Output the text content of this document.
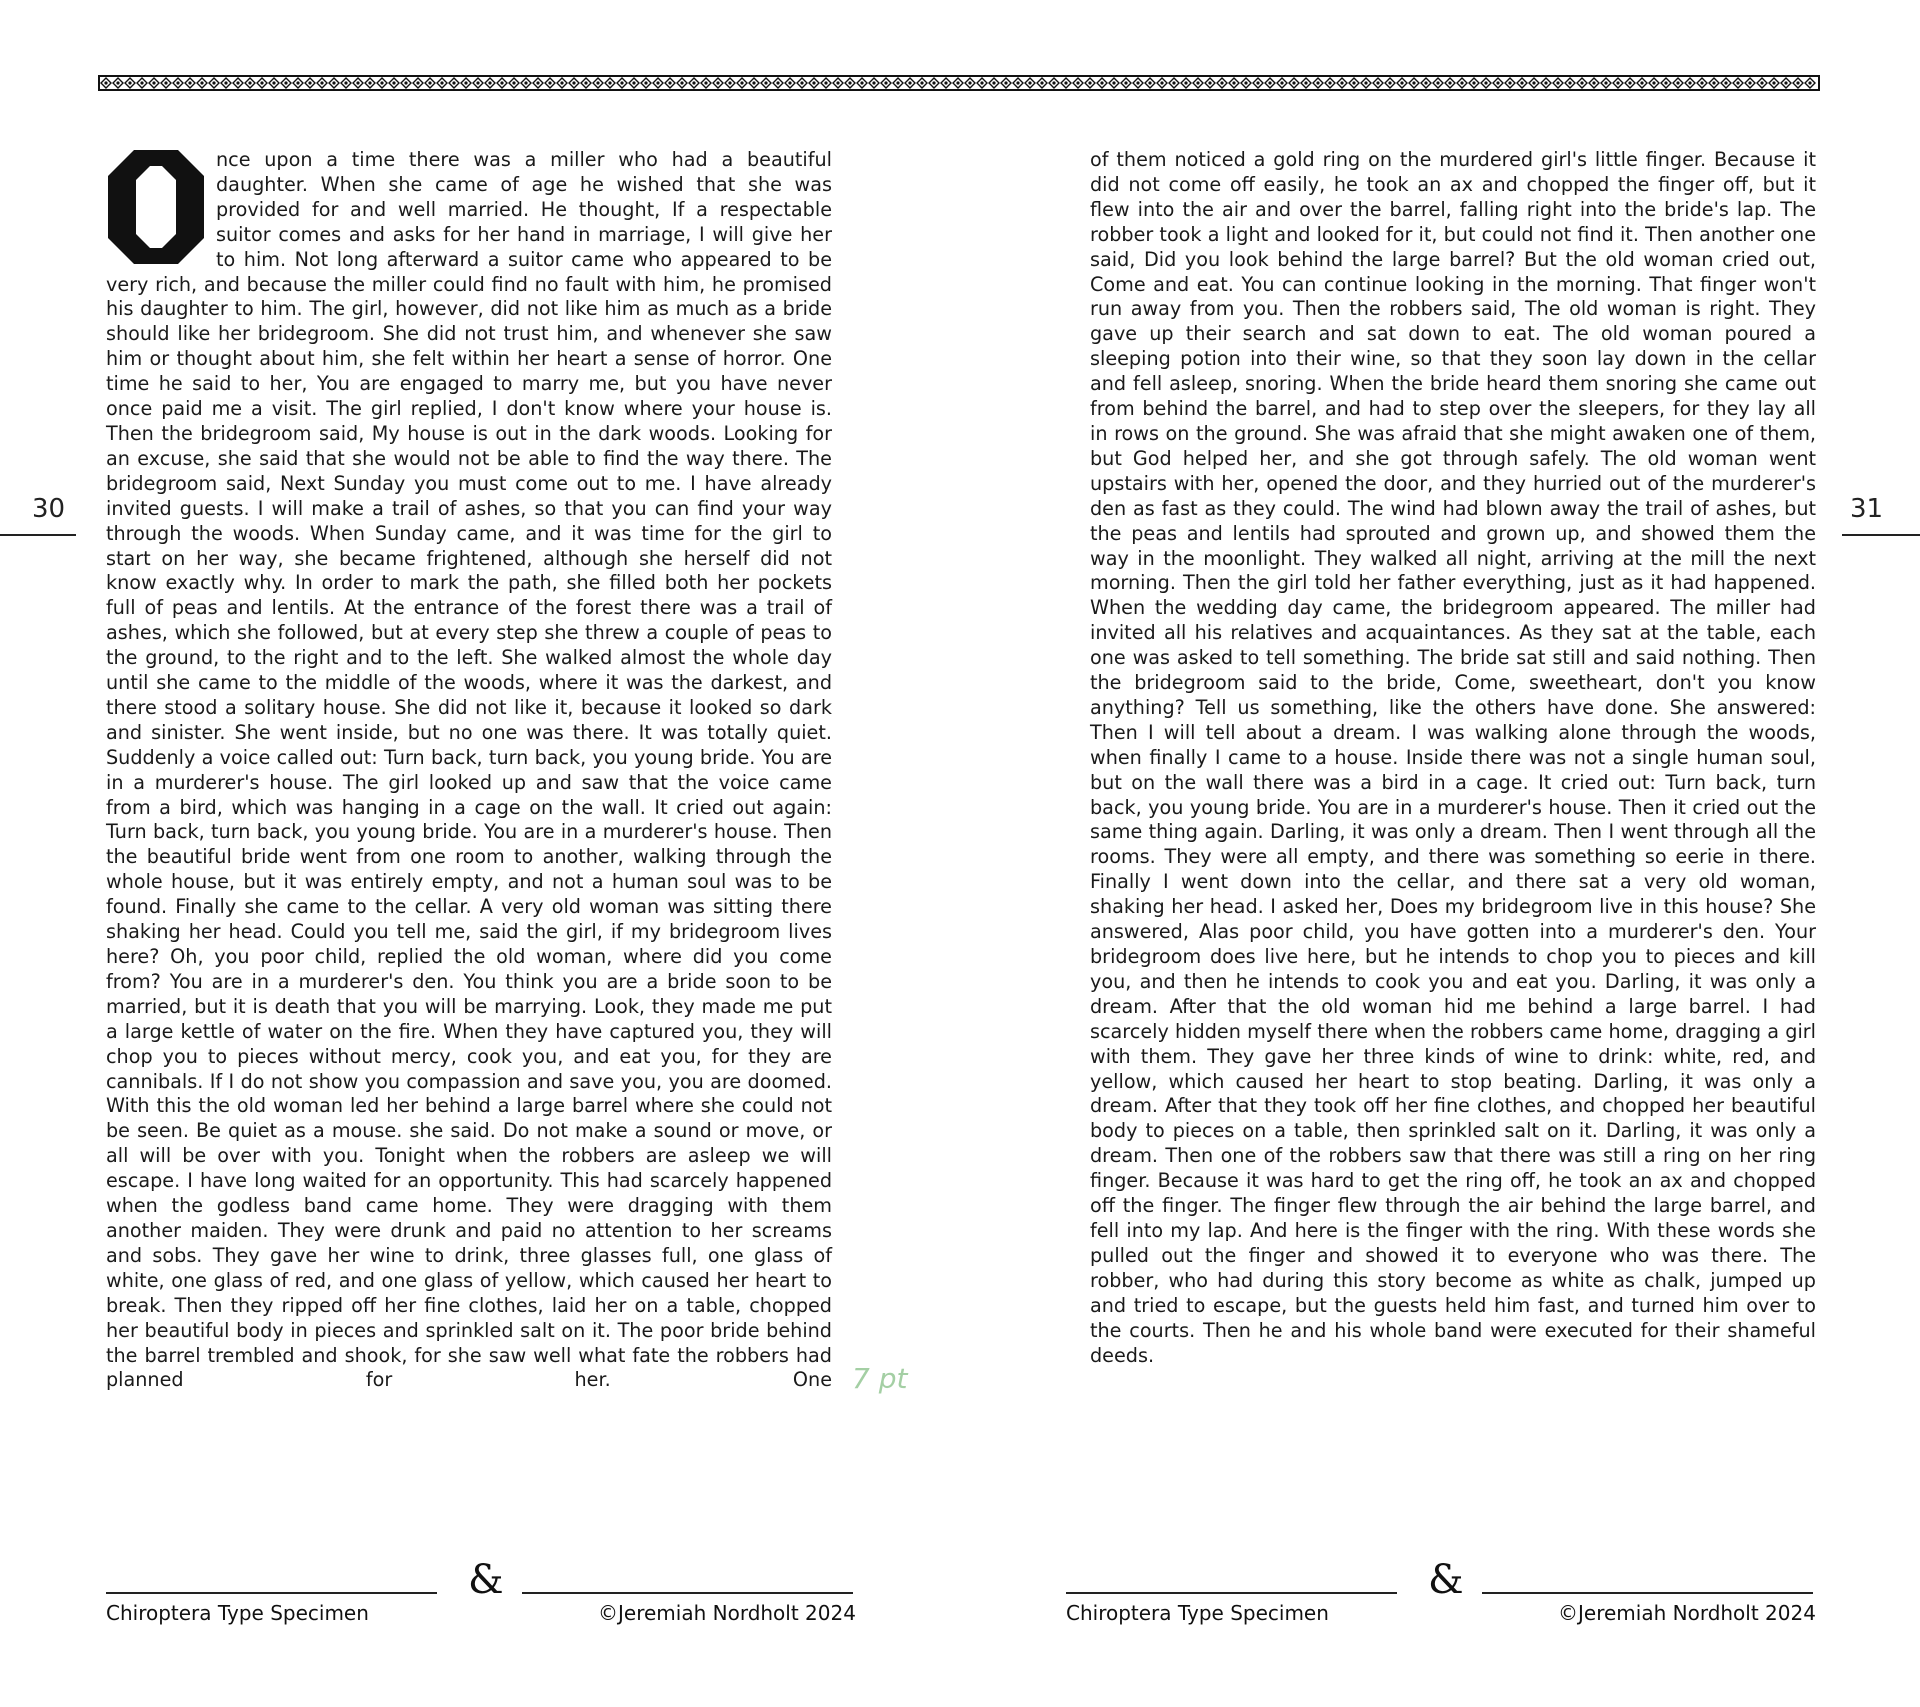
30
nce upon a time there was a miller who had a beautiful daughter. When she came of age he wished that she was provided for and well married. He thought, If a respectable suitor comes and asks for her hand in marriage, I will give her to him. Not long afterward a suitor came who appeared to be very rich, and because the miller could find no fault with him, he promised his daughter to him. The girl, however, did not like him as much as a bride should like her bridegroom. She did not trust him, and whenever she saw him or thought about him, she felt within her heart a sense of horror. One time he said to her, You are engaged to marry me, but you have never once paid me a visit. The girl replied, I don't know where your house is. Then the bridegroom said, My house is out in the dark woods. Looking for an excuse, she said that she would not be able to find the way there. The bridegroom said, Next Sunday you must come out to me. I have already invited guests. I will make a trail of ashes, so that you can find your way through the woods. When Sunday came, and it was time for the girl to start on her way, she became frightened, although she herself did not know exactly why. In order to mark the path, she filled both her pockets full of peas and lentils. At the entrance of the forest there was a trail of ashes, which she followed, but at every step she threw a couple of peas to the ground, to the right and to the left. She walked almost the whole day until she came to the middle of the woods, where it was the darkest, and there stood a solitary house. She did not like it, because it looked so dark and sinister. She went inside, but no one was there. It was totally quiet. Suddenly a voice called out: Turn back, turn back, you young bride. You are in a murderer's house. The girl looked up and saw that the voice came from a bird, which was hanging in a cage on the wall. It cried out again: Turn back, turn back, you young bride. You are in a murderer's house. Then the beautiful bride went from one room to another, walking through the whole house, but it was entirely empty, and not a human soul was to be found. Finally she came to the cellar. A very old woman was sitting there shaking her head. Could you tell me, said the girl, if my bridegroom lives here? Oh, you poor child, replied the old woman, where did you come from? You are in a murderer's den. You think you are a bride soon to be married, but it is death that you will be marrying. Look, they made me put a large kettle of water on the fire. When they have captured you, they will chop you to pieces without mercy, cook you, and eat you, for they are cannibals. If I do not show you compassion and save you, you are doomed. With this the old woman led her behind a large barrel where she could not be seen. Be quiet as a mouse. she said. Do not make a sound or move, or all will be over with you. Tonight when the robbers are asleep we will escape. I have long waited for an opportunity. This had scarcely happened when the godless band came home. They were dragging with them another maiden. They were drunk and paid no attention to her screams and sobs. They gave her wine to drink, three glasses full, one glass of white, one glass of red, and one glass of yellow, which caused her heart to break. Then they ripped off her fine clothes, laid her on a table, chopped her beautiful body in pieces and sprinkled salt on it. The poor bride behind the barrel trembled and shook, for she saw well what fate the robbers had planned for her. One 7 pt
31
of them noticed a gold ring on the murdered girl's little finger. Because it did not come off easily, he took an ax and chopped the finger off, but it flew into the air and over the barrel, falling right into the bride's lap. The robber took a light and looked for it, but could not find it. Then another one said, Did you look behind the large barrel? But the old woman cried out, Come and eat. You can continue looking in the morning. That finger won't run away from you. Then the robbers said, The old woman is right. They gave up their search and sat down to eat. The old woman poured a sleeping potion into their wine, so that they soon lay down in the cellar and fell asleep, snoring. When the bride heard them snoring she came out from behind the barrel, and had to step over the sleepers, for they lay all in rows on the ground. She was afraid that she might awaken one of them, but God helped her, and she got through safely. The old woman went upstairs with her, opened the door, and they hurried out of the murderer's den as fast as they could. The wind had blown away the trail of ashes, but the peas and lentils had sprouted and grown up, and showed them the way in the moonlight. They walked all night, arriving at the mill the next morning. Then the girl told her father everything, just as it had happened. When the wedding day came, the bridegroom appeared. The miller had invited all his relatives and acquaintances. As they sat at the table, each one was asked to tell something. The bride sat still and said nothing. Then the bridegroom said to the bride, Come, sweetheart, don't you know anything? Tell us something, like the others have done. She answered: Then I will tell about a dream. I was walking alone through the woods, when finally I came to a house. Inside there was not a single human soul, but on the wall there was a bird in a cage. It cried out: Turn back, turn back, you young bride. You are in a murderer's house. Then it cried out the same thing again. Darling, it was only a dream. Then I went through all the rooms. They were all empty, and there was something so eerie in there. Finally I went down into the cellar, and there sat a very old woman, shaking her head. I asked her, Does my bridegroom live in this house? She answered, Alas poor child, you have gotten into a murderer's den. Your bridegroom does live here, but he intends to chop you to pieces and kill you, and then he intends to cook you and eat you. Darling, it was only a dream. After that the old woman hid me behind a large barrel. I had scarcely hidden myself there when the robbers came home, dragging a girl with them. They gave her three kinds of wine to drink: white, red, and yellow, which caused her heart to stop beating. Darling, it was only a dream. After that they took off her fine clothes, and chopped her beautiful body to pieces on a table, then sprinkled salt on it. Darling, it was only a dream. Then one of the robbers saw that there was still a ring on her ring finger. Because it was hard to get the ring off, he took an ax and chopped off the finger. The finger flew through the air behind the large barrel, and fell into my lap. And here is the finger with the ring. With these words she pulled out the finger and showed it to everyone who was there. The robber, who had during this story become as white as chalk, jumped up and tried to escape, but the guests held him fast, and turned him over to the courts. Then he and his whole band were executed for their shameful deeds.
&
Chiroptera Type Specimen	©Jeremiah Nordholt 2024
&
Chiroptera Type Specimen	©Jeremiah Nordholt 2024
